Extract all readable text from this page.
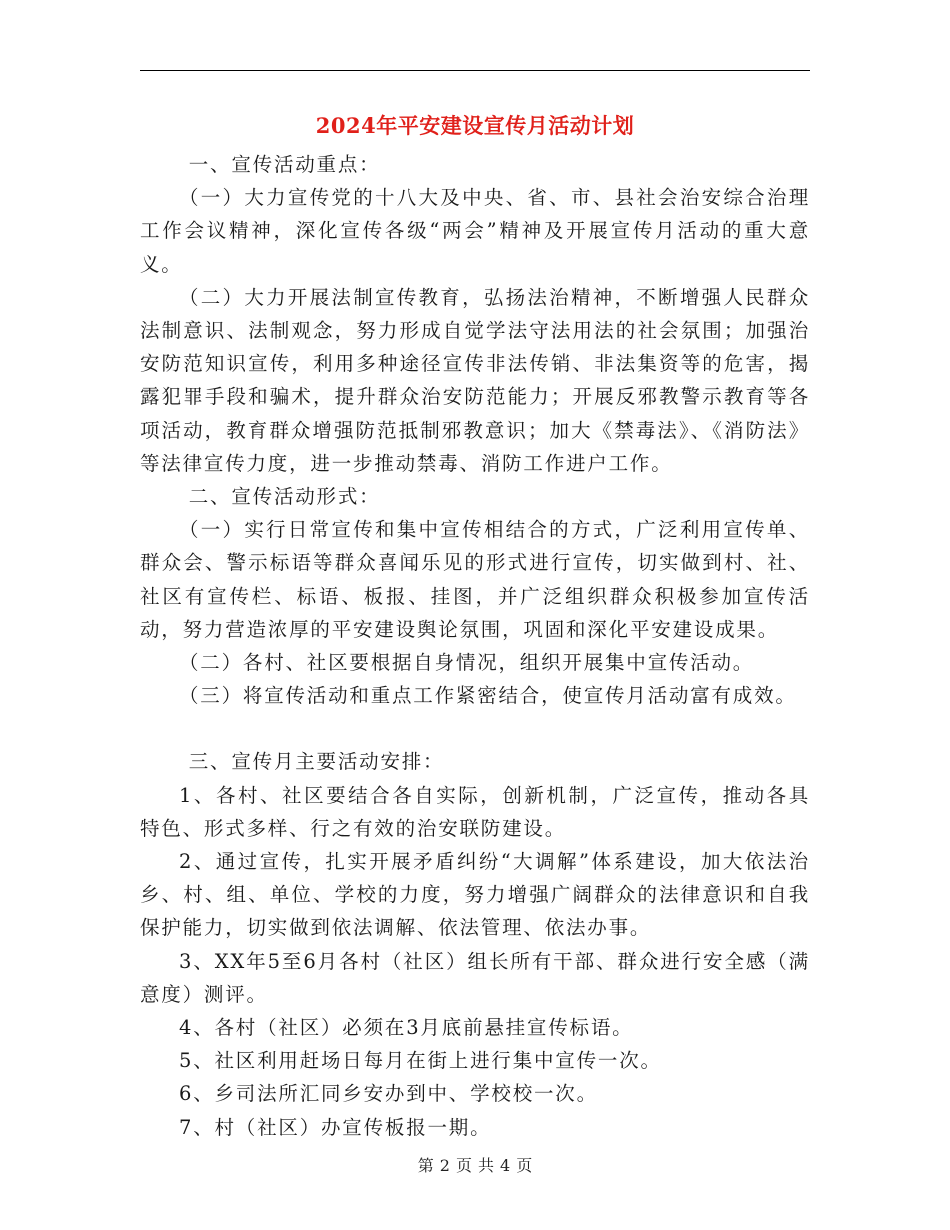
2024年平安建设宣传月活动计划

一、宣传活动重点：

（一）大力宣传党的十八大及中央、省、市、县社会治安综合治理工作会议精神，深化宣传各级“两会”精神及开展宣传月活动的重大意义。

（二）大力开展法制宣传教育，弘扬法治精神，不断增强人民群众法制意识、法制观念，努力形成自觉学法守法用法的社会氛围；加强治安防范知识宣传，利用多种途径宣传非法传销、非法集资等的危害，揭露犯罪手段和骗术，提升群众治安防范能力；开展反邪教警示教育等各项活动，教育群众增强防范抵制邪教意识；加大《禁毒法》、《消防法》等法律宣传力度，进一步推动禁毒、消防工作进户工作。

二、宣传活动形式：

（一）实行日常宣传和集中宣传相结合的方式，广泛利用宣传单、群众会、警示标语等群众喜闻乐见的形式进行宣传，切实做到村、社、社区有宣传栏、标语、板报、挂图，并广泛组织群众积极参加宣传活动，努力营造浓厚的平安建设舆论氛围，巩固和深化平安建设成果。

（二）各村、社区要根据自身情况，组织开展集中宣传活动。

（三）将宣传活动和重点工作紧密结合，使宣传月活动富有成效。

三、宣传月主要活动安排：

1、各村、社区要结合各自实际，创新机制，广泛宣传，推动各具特色、形式多样、行之有效的治安联防建设。

2、通过宣传，扎实开展矛盾纠纷“大调解”体系建设，加大依法治乡、村、组、单位、学校的力度，努力增强广阔群众的法律意识和自我保护能力，切实做到依法调解、依法管理、依法办事。

3、XX年5至6月各村（社区）组长所有干部、群众进行安全感（满意度）测评。

4、各村（社区）必须在3月底前悬挂宣传标语。

5、社区利用赶场日每月在街上进行集中宣传一次。

6、乡司法所汇同乡安办到中、学校校一次。

7、村（社区）办宣传板报一期。

第 2 页 共 4 页
